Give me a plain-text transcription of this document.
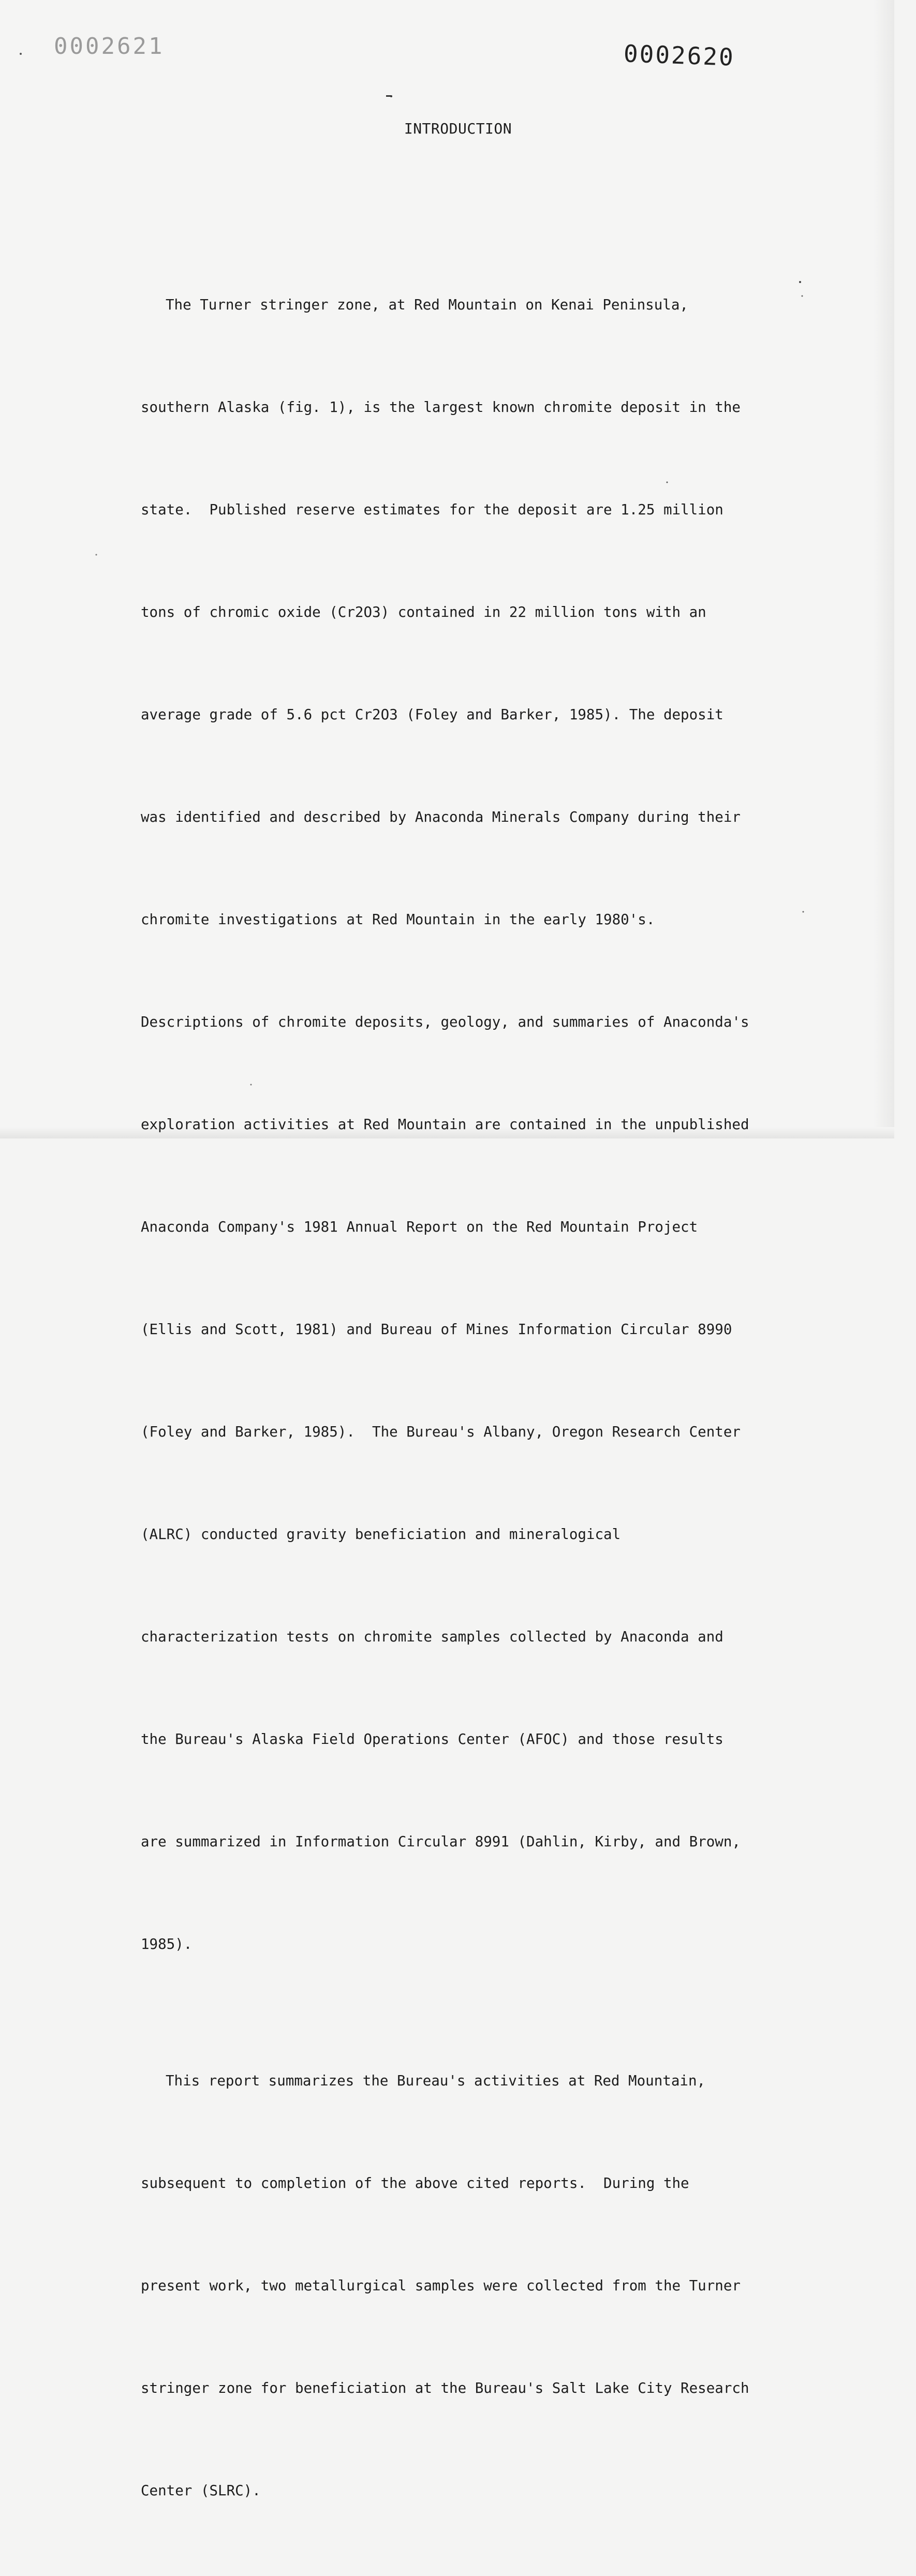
0002621	0002620
INTRODUCTION

The Turner stringer zone, at Red Mountain on Kenai Peninsula,

southern Alaska (fig. 1), is the largest known chromite deposit in the

state.  Published reserve estimates for the deposit are 1.25 million

tons of chromic oxide (Cr2O3) contained in 22 million tons with an

average grade of 5.6 pct Cr2O3 (Foley and Barker, 1985). The deposit

was identified and described by Anaconda Minerals Company during their

chromite investigations at Red Mountain in the early 1980's.

Descriptions of chromite deposits, geology, and summaries of Anaconda's

exploration activities at Red Mountain are contained in the unpublished

Anaconda Company's 1981 Annual Report on the Red Mountain Project

(Ellis and Scott, 1981) and Bureau of Mines Information Circular 8990

(Foley and Barker, 1985).  The Bureau's Albany, Oregon Research Center

(ALRC) conducted gravity beneficiation and mineralogical

characterization tests on chromite samples collected by Anaconda and

the Bureau's Alaska Field Operations Center (AFOC) and those results

are summarized in Information Circular 8991 (Dahlin, Kirby, and Brown,

1985).

This report summarizes the Bureau's activities at Red Mountain,

subsequent to completion of the above cited reports.  During the

present work, two metallurgical samples were collected from the Turner

stringer zone for beneficiation at the Bureau's Salt Lake City Research

Center (SLRC).
